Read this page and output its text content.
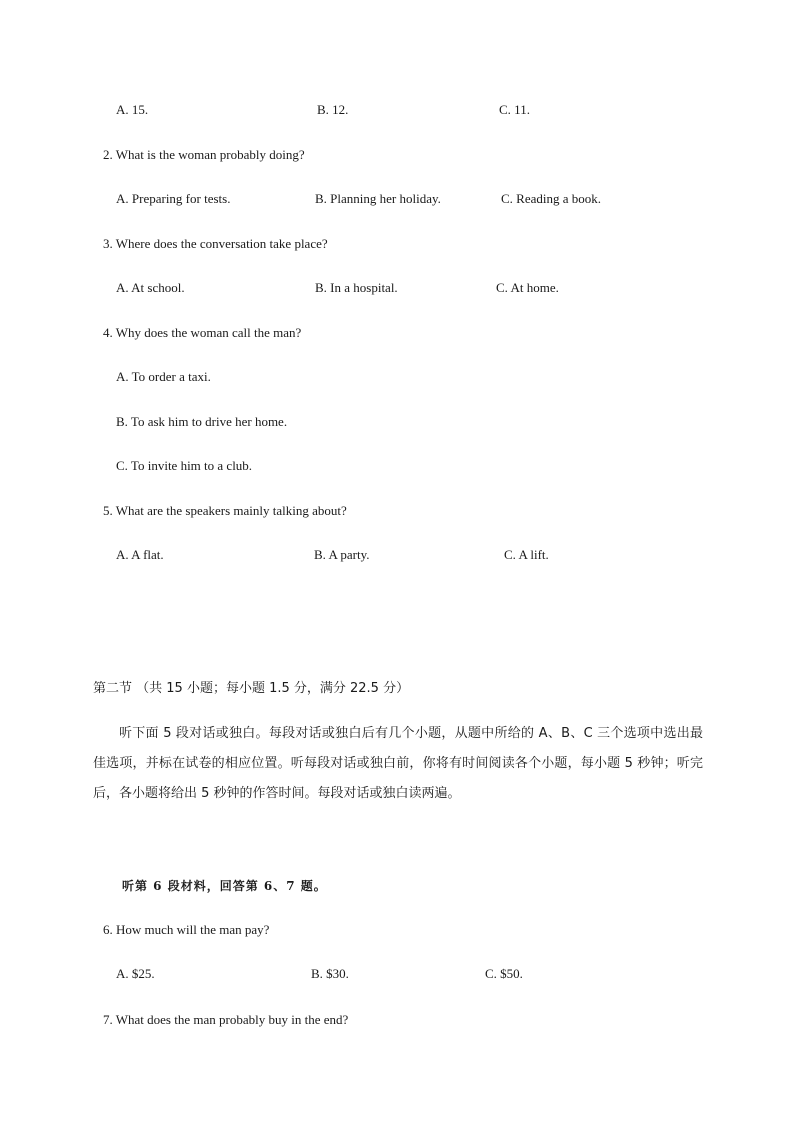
A. 15.	B. 12.	C. 11.
2. What is the woman probably doing?
A. Preparing for tests.	B. Planning her holiday.	C. Reading a book.
3. Where does the conversation take place?
A. At school.	B. In a hospital.	C. At home.
4. Why does the woman call the man?
A. To order a taxi.
B. To ask him to drive her home.
C. To invite him to a club.
5. What are the speakers mainly talking about?
A. A flat.	B. A party.	C. A lift.
第二节 （共 15 小题；每小题 1.5 分，满分 22.5 分）
听下面 5 段对话或独白。每段对话或独白后有几个小题，从题中所给的 A、B、C 三个选项中选出最佳选项，并标在试卷的相应位置。听每段对话或独白前，你将有时间阅读各个小题，每小题 5 秒钟；听完后，各小题将给出 5 秒钟的作答时间。每段对话或独白读两遍。
听第 6 段材料，回答第 6、7 题。
6. How much will the man pay?
A. $25.	B. $30.	C. $50.
7. What does the man probably buy in the end?
